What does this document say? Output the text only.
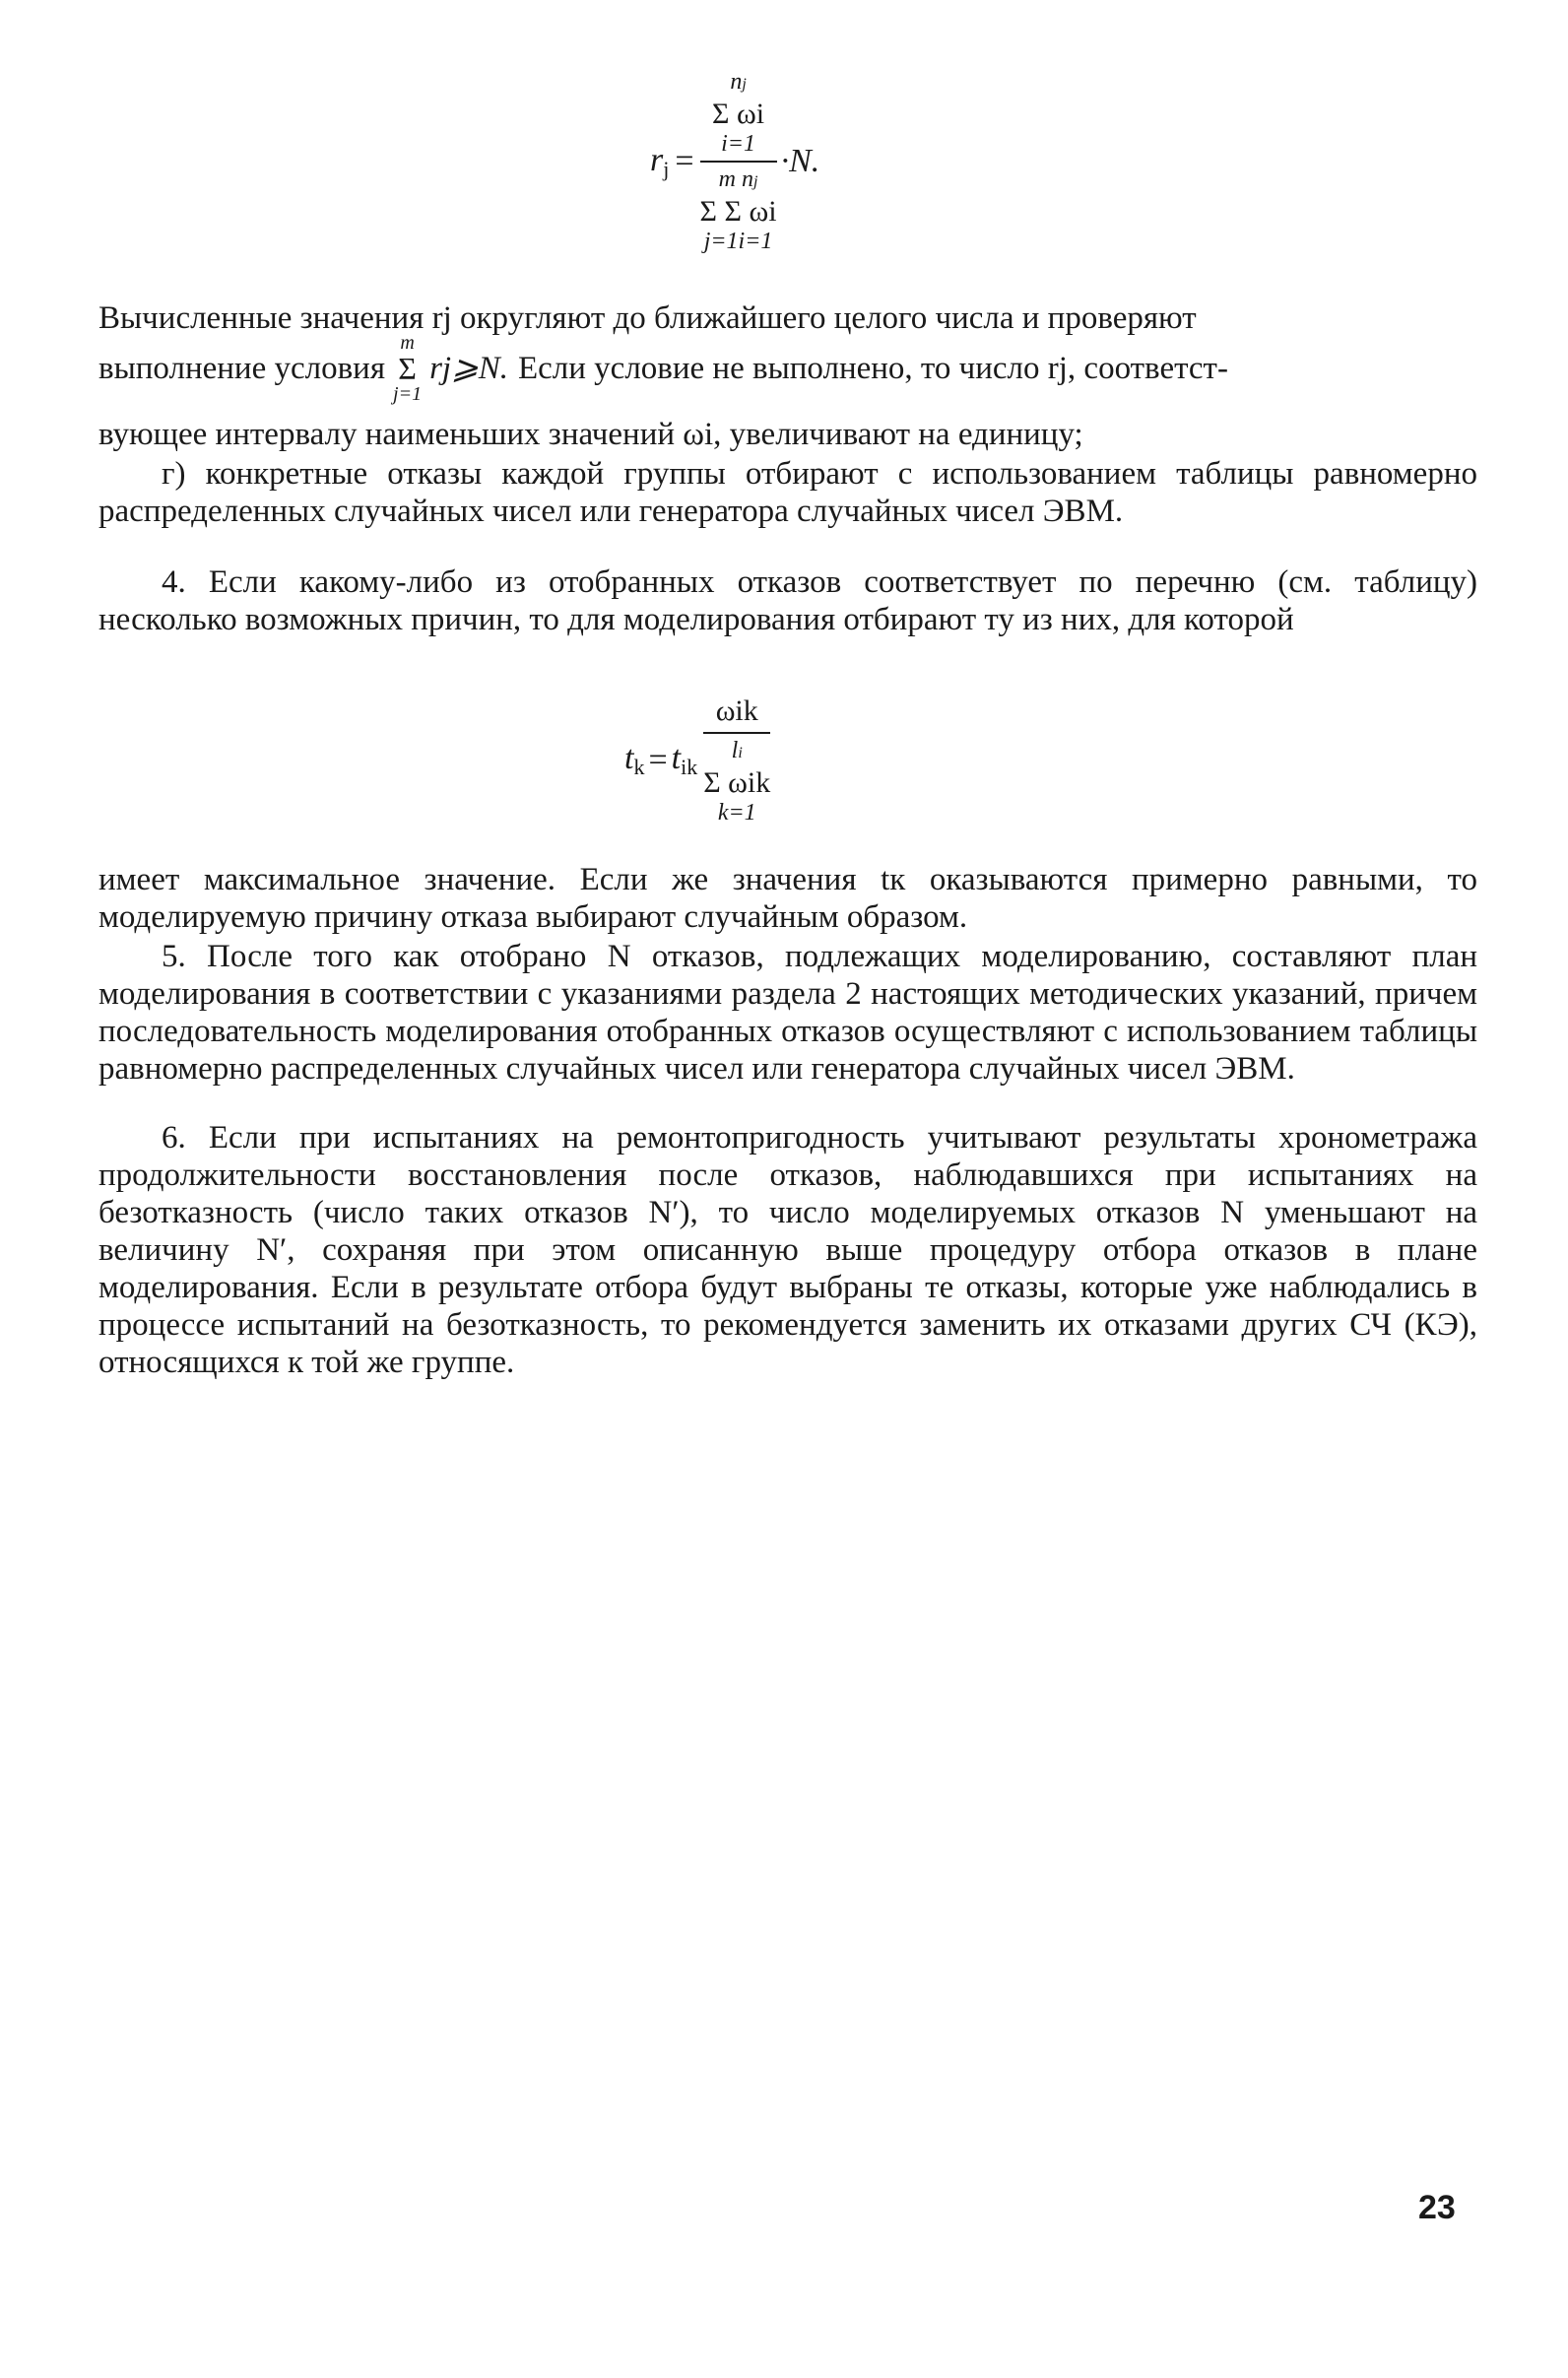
$r_j$ =
nj
Σ ωi
i=1
m nj
Σ Σ ωi
j=1i=1
·N.

Вычисленные значения rj округляют до ближайшего целого числа и проверяют

выполнение условия
m
Σ
j=1
rj⩾N. Если условие не выполнено, то число rj, соответст-

вующее интервалу наименьших значений ωi, увеличивают на единицу;

г) конкретные отказы каждой группы отбирают с использованием таблицы равномерно распределенных случайных чисел или генератора случайных чисел ЭВМ.

4. Если какому-либо из отобранных отказов соответствует по перечню (см. таблицу) несколько возможных причин, то для моделирования отбирают ту из них, для которой

$t_k = t_{ik}$
ωik
li
Σ ωik
k=1

имеет максимальное значение. Если же значения tк оказываются примерно равными, то моделируемую причину отказа выбирают случайным образом.

5. После того как отобрано N отказов, подлежащих моделированию, составляют план моделирования в соответствии с указаниями раздела 2 настоящих методических указаний, причем последовательность моделирования отобранных отказов осуществляют с использованием таблицы равномерно распределенных случайных чисел или генератора случайных чисел ЭВМ.

6. Если при испытаниях на ремонтопригодность учитывают результаты хронометража продолжительности восстановления после отказов, наблюдавшихся при испытаниях на безотказность (число таких отказов N′), то число моделируемых отказов N уменьшают на величину N′, сохраняя при этом описанную выше процедуру отбора отказов в плане моделирования. Если в результате отбора будут выбраны те отказы, которые уже наблюдались в процессе испытаний на безотказность, то рекомендуется заменить их отказами других СЧ (КЭ), относящихся к той же группе.

23
